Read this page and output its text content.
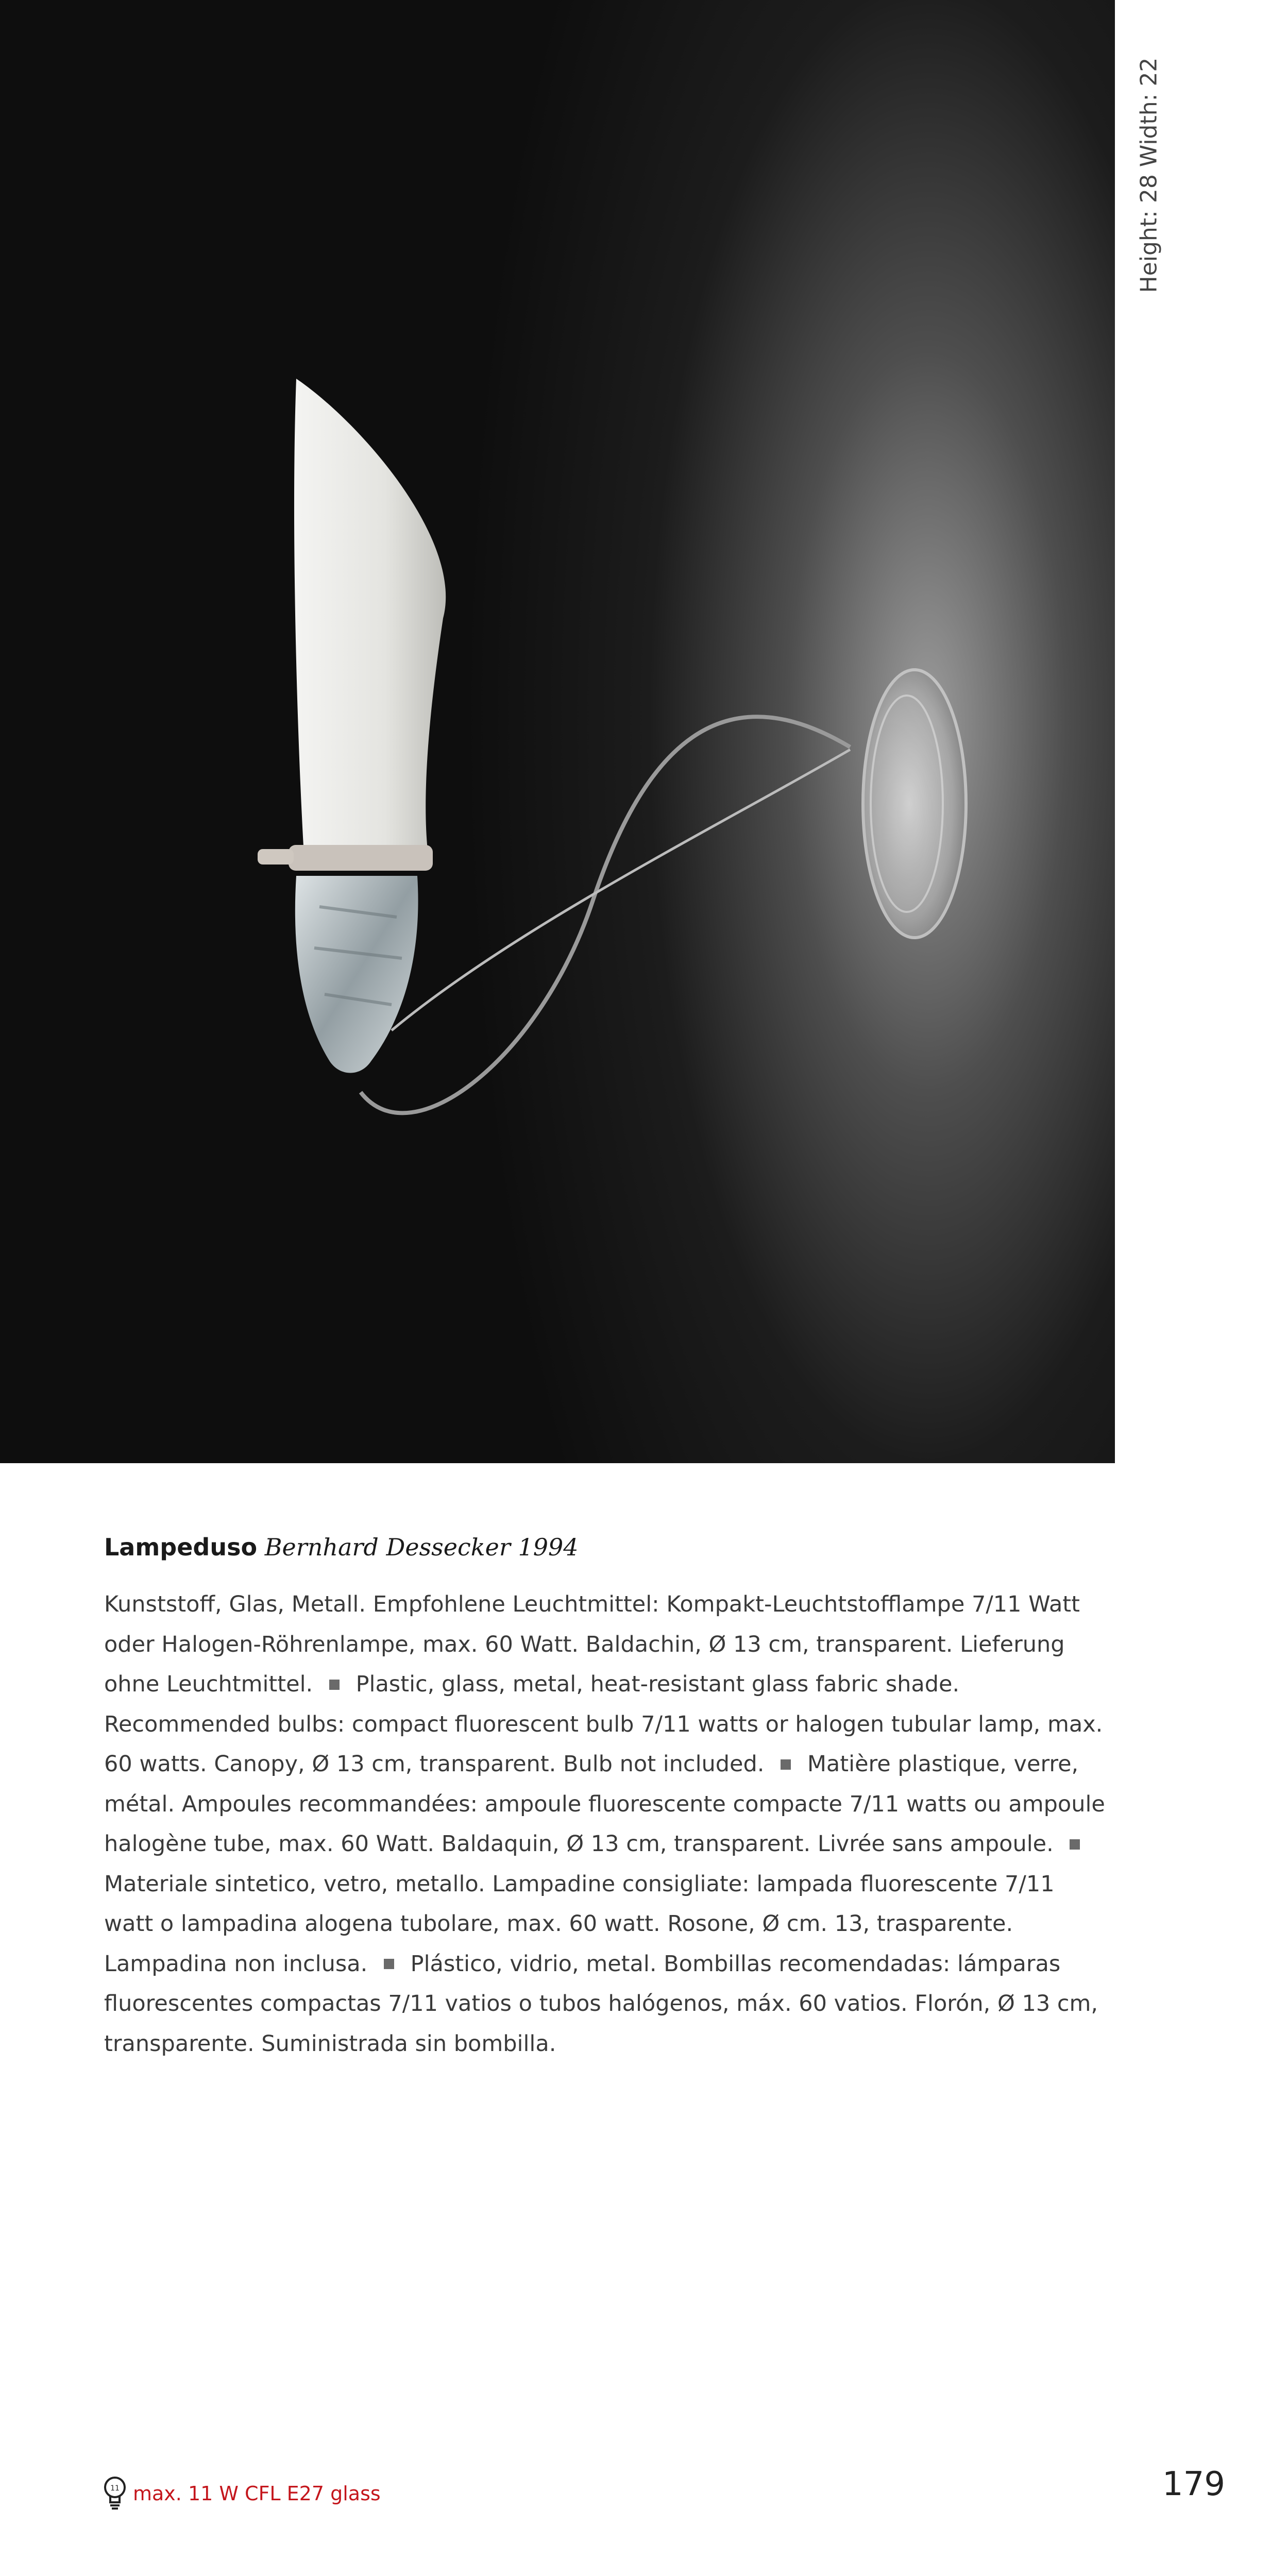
Height: 28 Width: 22

Lampeduso Bernhard Dessecker 1994

Kunststoff, Glas, Metall. Empfohlene Leuchtmittel: Kompakt-Leuchtstofflampe 7/11 Watt oder Halogen-Röhrenlampe, max. 60 Watt. Baldachin, Ø 13 cm, transparent. Lieferung ohne Leuchtmittel. Plastic, glass, metal, heat-resistant glass fabric shade. Recommended bulbs: compact fluorescent bulb 7/11 watts or halogen tubular lamp, max. 60 watts. Canopy, Ø 13 cm, transparent. Bulb not included. Matière plastique, verre, métal. Ampoules recommandées: ampoule fluorescente compacte 7/11 watts ou ampoule halogène tube, max. 60 Watt. Baldaquin, Ø 13 cm, transparent. Livrée sans ampoule.  Materiale sintetico, vetro, metallo. Lampadine consigliate: lampada fluorescente 7/11 watt o lampadina alogena tubolare, max. 60 watt. Rosone, Ø cm. 13, trasparente. Lampadina non inclusa. Plástico, vidrio, metal. Bombillas recomendadas: lámparas fluorescentes compactas 7/11 vatios o tubos halógenos, máx. 60 vatios. Florón, Ø 13 cm, transparente. Suministrada sin bombilla.

11 max. 11 W CFL E27 glass	179
